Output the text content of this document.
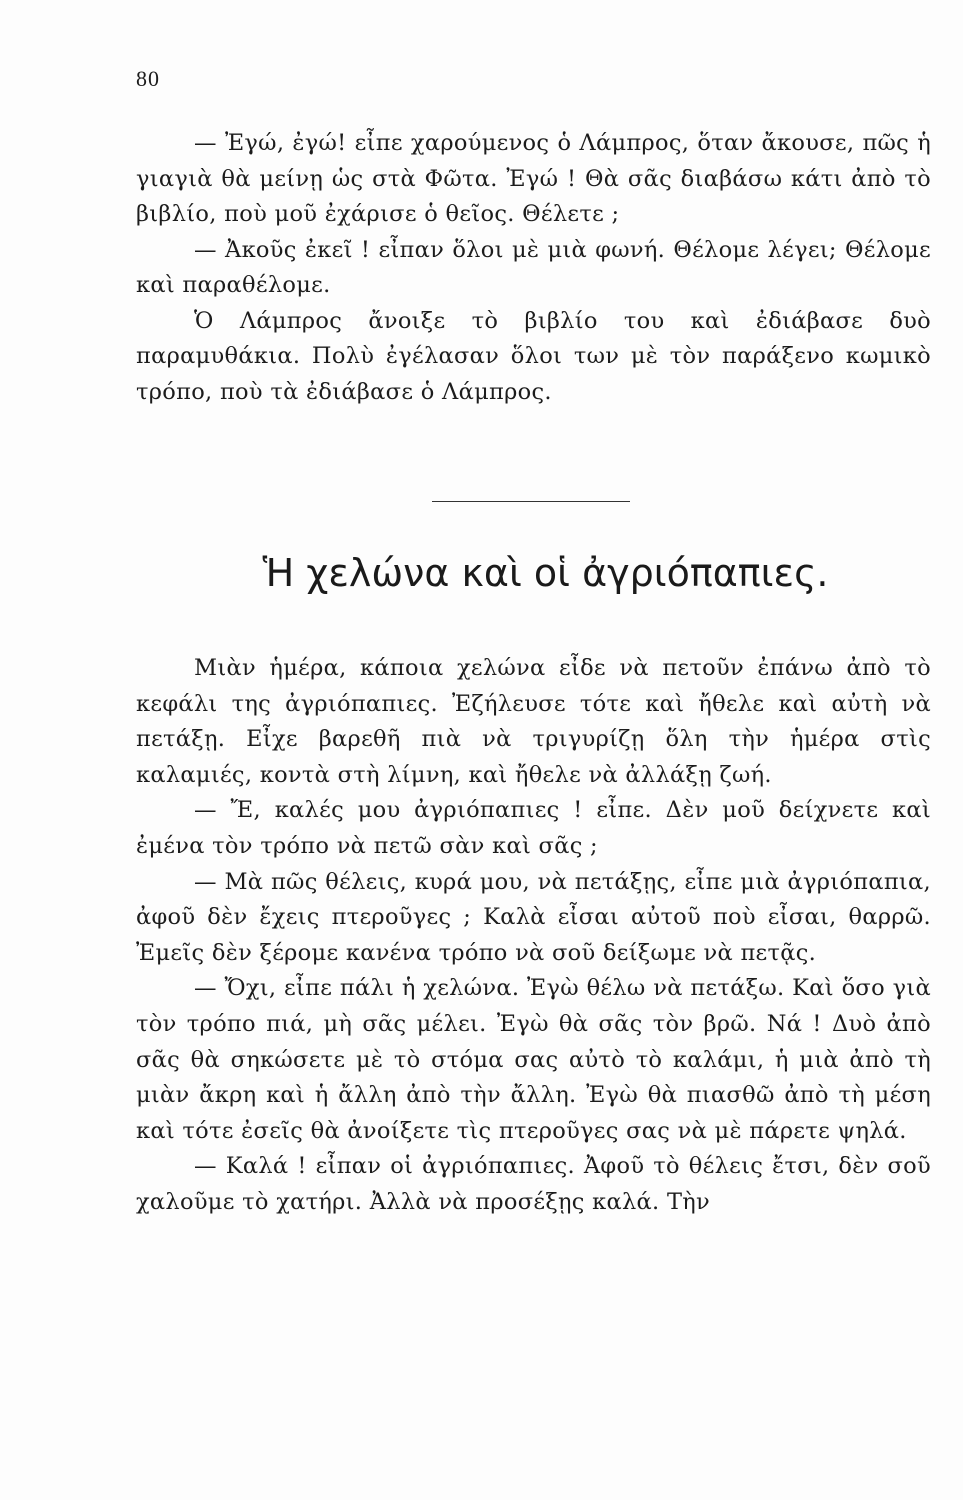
80

— Ἐγώ, ἐγώ! εἶπε χαρούμενος ὁ Λάμπρος, ὅταν ἄκουσε, πῶς ἡ γιαγιὰ θὰ μείνῃ ὡς στὰ Φῶτα. Ἐγώ ! Θὰ σᾶς διαβάσω κάτι ἀπὸ τὸ βιβλίο, ποὺ μοῦ ἐχάρισε ὁ θεῖος. Θέλετε ;

— Ἀκοῦς ἐκεῖ ! εἶπαν ὅλοι μὲ μιὰ φωνή. Θέλομε λέγει; Θέλομε καὶ παραθέλομε.

Ὁ Λάμπρος ἄνοιξε τὸ βιβλίο του καὶ ἐδιάβασε δυὸ παραμυθάκια. Πολὺ ἐγέλασαν ὅλοι των μὲ τὸν παράξενο κωμικὸ τρόπο, ποὺ τὰ ἐδιάβασε ὁ Λάμπρος.

Ἡ χελώνα καὶ οἱ ἀγριόπαπιες.

Μιὰν ἡμέρα, κάποια χελώνα εἶδε νὰ πετοῦν ἐπάνω ἀπὸ τὸ κεφάλι της ἀγριόπαπιες. Ἐζήλευσε τότε καὶ ἤθελε καὶ αὐτὴ νὰ πετάξῃ. Εἶχε βαρεθῆ πιὰ νὰ τριγυρίζῃ ὅλη τὴν ἡμέρα στὶς καλαμιές, κοντὰ στὴ λίμνη, καὶ ἤθελε νὰ ἀλλάξῃ ζωή.

— Ἔ, καλές μου ἀγριόπαπιες ! εἶπε. Δὲν μοῦ δείχνετε καὶ ἐμένα τὸν τρόπο νὰ πετῶ σὰν καὶ σᾶς ;

— Μὰ πῶς θέλεις, κυρά μου, νὰ πετάξῃς, εἶπε μιὰ ἀγριόπαπια, ἀφοῦ δὲν ἔχεις πτεροῦγες ; Καλὰ εἶσαι αὐτοῦ ποὺ εἶσαι, θαρρῶ. Ἐμεῖς δὲν ξέρομε κανένα τρόπο νὰ σοῦ δείξωμε νὰ πετᾷς.

— Ὄχι, εἶπε πάλι ἡ χελώνα. Ἐγὼ θέλω νὰ πετάξω. Καὶ ὅσο γιὰ τὸν τρόπο πιά, μὴ σᾶς μέλει. Ἐγὼ θὰ σᾶς τὸν βρῶ. Νά ! Δυὸ ἀπὸ σᾶς θὰ σηκώσετε μὲ τὸ στόμα σας αὐτὸ τὸ καλάμι, ἡ μιὰ ἀπὸ τὴ μιὰν ἄκρη καὶ ἡ ἄλλη ἀπὸ τὴν ἄλλη. Ἐγὼ θὰ πιασθῶ ἀπὸ τὴ μέση καὶ τότε ἐσεῖς θὰ ἀνοίξετε τὶς πτεροῦγες σας νὰ μὲ πάρετε ψηλά.

— Καλά ! εἶπαν οἱ ἀγριόπαπιες. Ἀφοῦ τὸ θέλεις ἔτσι, δὲν σοῦ χαλοῦμε τὸ χατήρι. Ἀλλὰ νὰ προσέξῃς καλά. Τὴν
